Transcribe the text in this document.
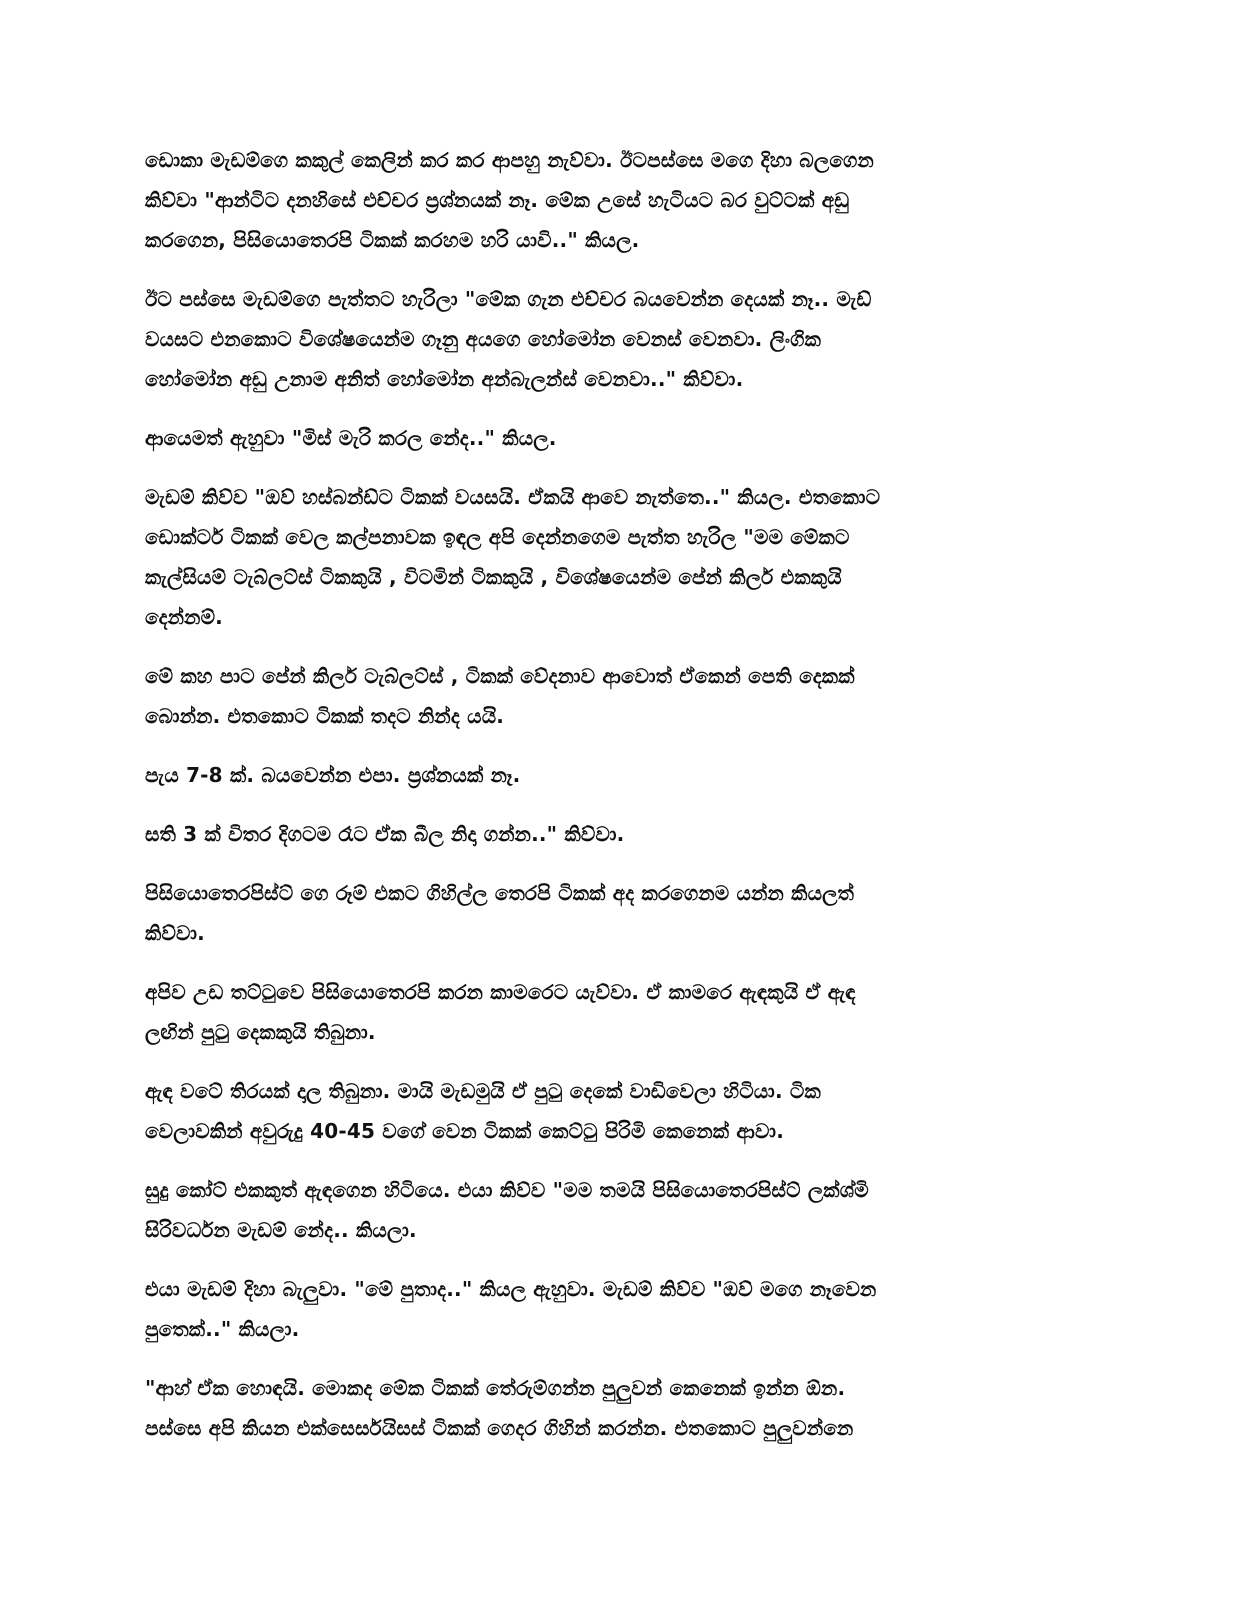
ඩොකා මැඩම්ගෙ කකුල් කෙලින් කර කර ආපහු නැව්වා. ඊටපස්සෙ මගෙ දිහා බලගෙන
කිව්වා "ආන්ටිට දනහිසේ එච්චර ප්‍රශ්නයක් නෑ. මේක උසේ හැටියට බර වුට්ටක් අඩු
කරගෙන, පිසියොතෙරපි ටිකක් කරහම හරි යාවි.." කියල.

ඊට පස්සෙ මැඩම්ගෙ පැත්තට හැරිලා "මේක ගැන එච්චර බයවෙන්න දෙයක් නෑ.. මැඩ්
වයසට එනකොට විශේෂයෙන්ම ගෑනු අයගෙ හෝමෝන වෙනස් වෙනවා. ලිංගික
හෝමෝන අඩු උනාම අනිත් හෝමෝන අන්බැලන්ස් වෙනවා.." කිව්වා.

ආයෙමත් ඇහුවා "මිස් මැරි කරල නේද.." කියල.

මැඩම් කිව්ව "ඔව් හස්බන්ඩ්ට ටිකක් වයසයි. ඒකයි ආවෙ නැත්තෙ.." කියල. එතකොට
ඩොක්ටර් ටිකක් වෙල කල්පනාවක ඉඳල අපි දෙන්නගෙම පැත්ත හැරිල "මම මේකට
කැල්සියම් ටැබ්ලට්ස් ටිකකුයි , විටමින් ටිකකුයි , විශේෂයෙන්ම පේන් කිලර් එකකුයි
දෙන්නම්.

මේ කහ පාට පේන් කිලර් ටැබ්ලට්ස් , ටිකක් වේදනාව ආවොත් ඒකෙන් පෙති දෙකක්
බොන්න. එතකොට ටිකක් තදට නින්ද යයි.

පැය 7-8 ක්. බයවෙන්න එපා. ප්‍රශ්නයක් නෑ.

සති 3 ක් විතර දිගටම රෑට ඒක බීල නිදා ගන්න.." කිව්වා.

පිසියොතෙරපිස්ට් ගෙ රූම් එකට ගිහිල්ල තෙරපි ටිකක් අද කරගෙනම යන්න කියලත්
කිව්වා.

අපිව උඩ තට්ටුවෙ පිසියොතෙරපි කරන කාමරෙට යැව්වා. ඒ කාමරෙ ඇඳකුයි ඒ ඇඳ
ලඟින් පුටු දෙකකුයි තිබුනා.

ඇඳ වටේ තිරයක් දාල තිබුනා. මායි මැඩමුයි ඒ පුටු දෙකේ වාඩිවෙලා හිටියා. ටික
වෙලාවකින් අවුරුදු 40-45 වගේ වෙන ටිකක් කෙට්ටු පිරිමි කෙනෙක් ආවා.

සුදු කෝට් එකකුත් ඇඳගෙන හිටියෙ. එයා කිව්ව "මම තමයි පිසියොතෙරපිස්ට් ලක්ශ්මි
සිරිවර්ධන මැඩම් නේද.. කියලා.

එයා මැඩම් දිහා බැලුවා. "මේ පුතාද.." කියල ඇහුවා. මැඩම් කිව්ව "ඔව් මගෙ නෑවෙන
පුතෙක්.." කියලා.

"ආහ් ඒක හොඳයි. මොකද මේක ටිකක් තේරුම්ගන්න පුලුවන් කෙනෙක් ඉන්න ඕන.
පස්සෙ අපි කියන එක්සෙර්සයිසස් ටිකක් ගෙදර ගිහින් කරන්න. එතකොට පුලුවන්නෙ
